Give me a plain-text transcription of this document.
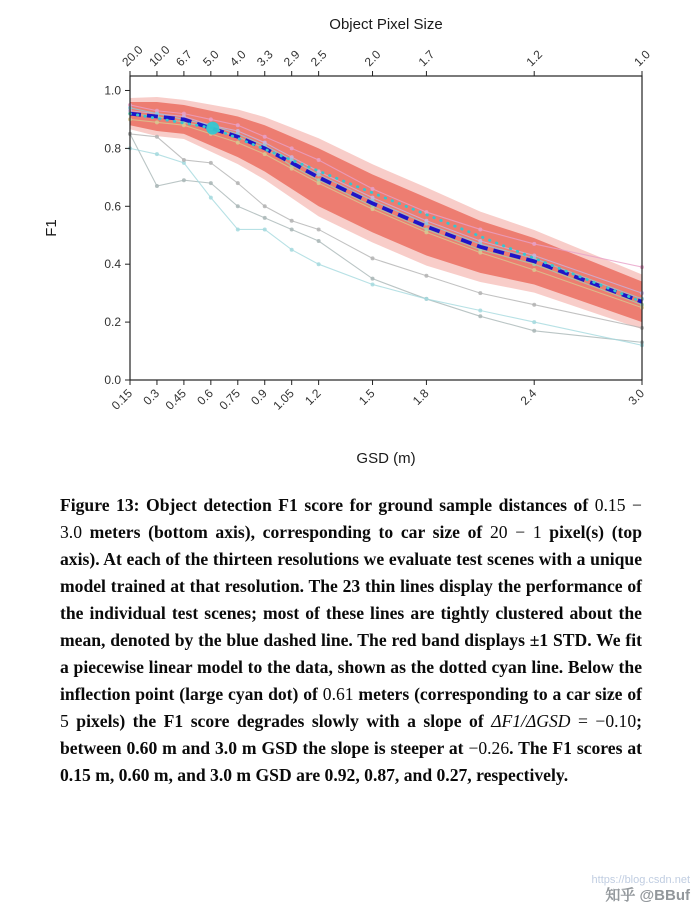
0.15
20.0
0.3
10.0
0.45
6.7
0.6
5.0
0.75
4.0
0.9
3.3
1.05
2.9
1.2
2.5
1.5
2.0
1.8
1.7
2.4
1.2
3.0
1.0
0.0
0.2
0.4
0.6
0.8
1.0
Object Pixel Size
GSD (m)
F1

Figure 13: Object detection F1 score for ground sample distances of 0.15 − 3.0 meters (bottom axis), corresponding to car size of 20 − 1 pixel(s) (top axis). At each of the thirteen resolutions we evaluate test scenes with a unique model trained at that resolution. The 23 thin lines display the performance of the individual test scenes; most of these lines are tightly clustered about the mean, denoted by the blue dashed line. The red band displays ±1 STD. We fit a piecewise linear model to the data, shown as the dotted cyan line. Below the inflection point (large cyan dot) of 0.61 meters (corresponding to a car size of 5 pixels) the F1 score degrades slowly with a slope of ΔF1/ΔGSD = −0.10; between 0.60 m and 3.0 m GSD the slope is steeper at −0.26. The F1 scores at 0.15 m, 0.60 m, and 3.0 m GSD are 0.92, 0.87, and 0.27, respectively.

https://blog.csdn.net
知乎 @BBuf
